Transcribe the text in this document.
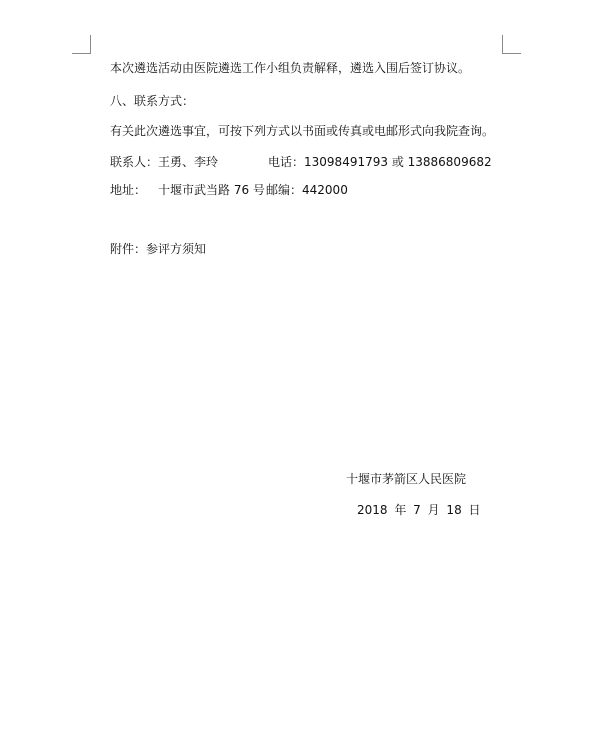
本次遴选活动由医院遴选工作小组负责解释，遴选入围后签订协议。
八、联系方式：
有关此次遴选事宜，可按下列方式以书面或传真或电邮形式向我院查询。
联系人：王勇、李玲	电话：13098491793 或 13886809682
地址： 十堰市武当路 76 号 邮编：442000
附件：参评方须知
十堰市茅箭区人民医院
2018 年 7 月 18 日
